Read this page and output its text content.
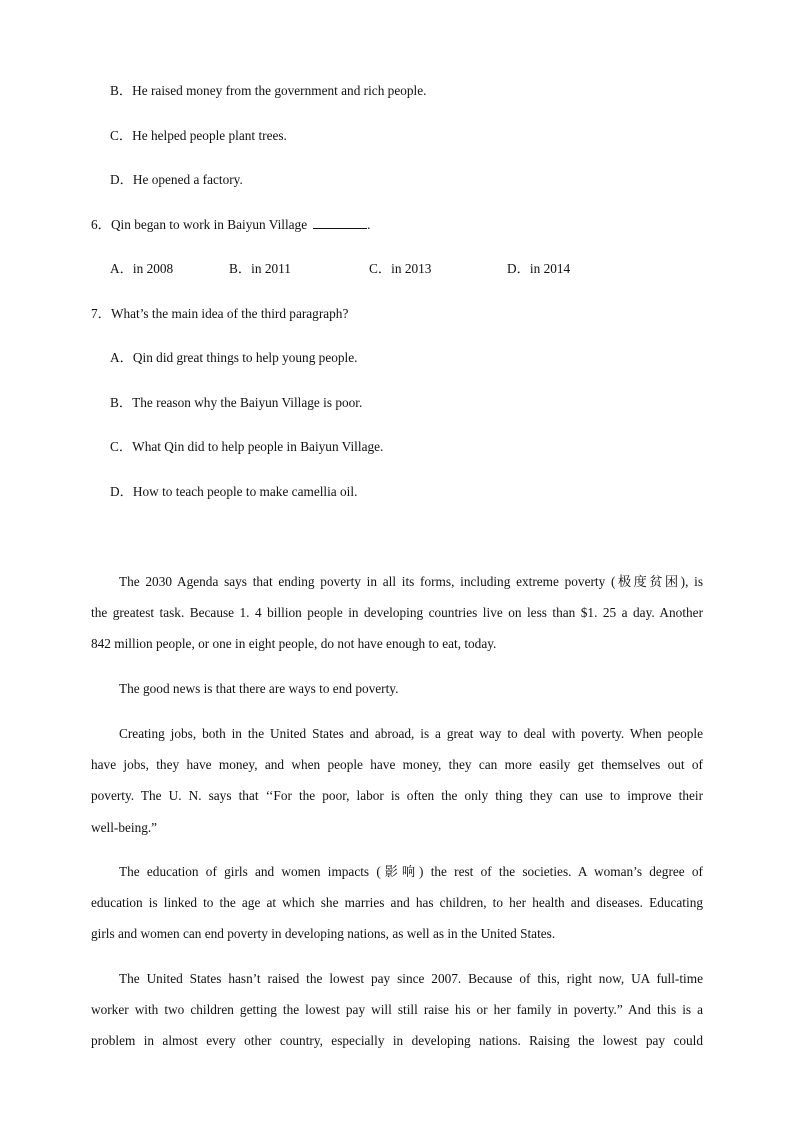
B．He raised money from the government and rich people.
C．He helped people plant trees.
D．He opened a factory.
6．Qin began to work in Baiyun Village	.
A．in 2008	B．in 2011	C．in 2013	D．in 2014
7．What’s the main idea of the third paragraph?
A．Qin did great things to help young people.
B．The reason why the Baiyun Village is poor.
C．What Qin did to help people in Baiyun Village.
D．How to teach people to make camellia oil.
The 2030 Agenda says that ending poverty in all its forms, including extreme poverty (极度贫困), is
the greatest task. Because 1. 4 billion people in developing countries live on less than $1. 25 a day. Another
842 million people, or one in eight people, do not have enough to eat, today.
The good news is that there are ways to end poverty.
Creating jobs, both in the United States and abroad, is a great way to deal with poverty. When people
have jobs, they have money, and when people have money, they can more easily get themselves out of
poverty. The U. N. says that ‘‘For the poor, labor is often the only thing they can use to improve their
well-being.”
The education of girls and women impacts (影响) the rest of the societies. A woman’s degree of
education is linked to the age at which she marries and has children, to her health and diseases. Educating
girls and women can end poverty in developing nations, as well as in the United States.
The United States hasn’t raised the lowest pay since 2007. Because of this, right now, UA full-time
worker with two children getting the lowest pay will still raise his or her family in poverty.” And this is a
problem in almost every other country, especially in developing nations. Raising the lowest pay could
